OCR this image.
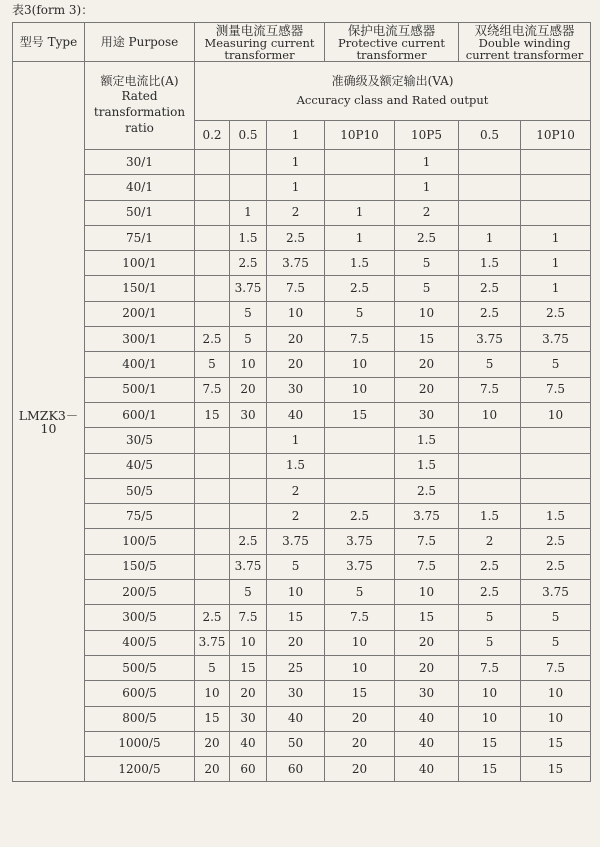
表3(form 3)：
型号 Type	用途 Purpose	测量电流互感器
Measuring current transformer			保护电流互感器
Protective current transformer		双绕组电流互感器
Double winding current transformer	

LMZK3－10	额定电流比(A)
Rated transformation ratio	准确级及额定输出(VA)
Accuracy class and Rated output						

		0.2	0.5	1	10P10	10P5	0.5	10P10
	30/1			1		1		
	40/1			1		1		
	50/1		1	2	1	2		
	75/1		1.5	2.5	1	2.5	1	1
	100/1		2.5	3.75	1.5	5	1.5	1
	150/1		3.75	7.5	2.5	5	2.5	1
	200/1		5	10	5	10	2.5	2.5
	300/1	2.5	5	20	7.5	15	3.75	3.75
	400/1	5	10	20	10	20	5	5
	500/1	7.5	20	30	10	20	7.5	7.5
	600/1	15	30	40	15	30	10	10
	30/5			1		1.5		
	40/5			1.5		1.5		
	50/5			2		2.5		
	75/5			2	2.5	3.75	1.5	1.5
	100/5		2.5	3.75	3.75	7.5	2	2.5
	150/5		3.75	5	3.75	7.5	2.5	2.5
	200/5		5	10	5	10	2.5	3.75
	300/5	2.5	7.5	15	7.5	15	5	5
	400/5	3.75	10	20	10	20	5	5
	500/5	5	15	25	10	20	7.5	7.5
	600/5	10	20	30	15	30	10	10
	800/5	15	30	40	20	40	10	10
	1000/5	20	40	50	20	40	15	15
	1200/5	20	60	60	20	40	15	15
